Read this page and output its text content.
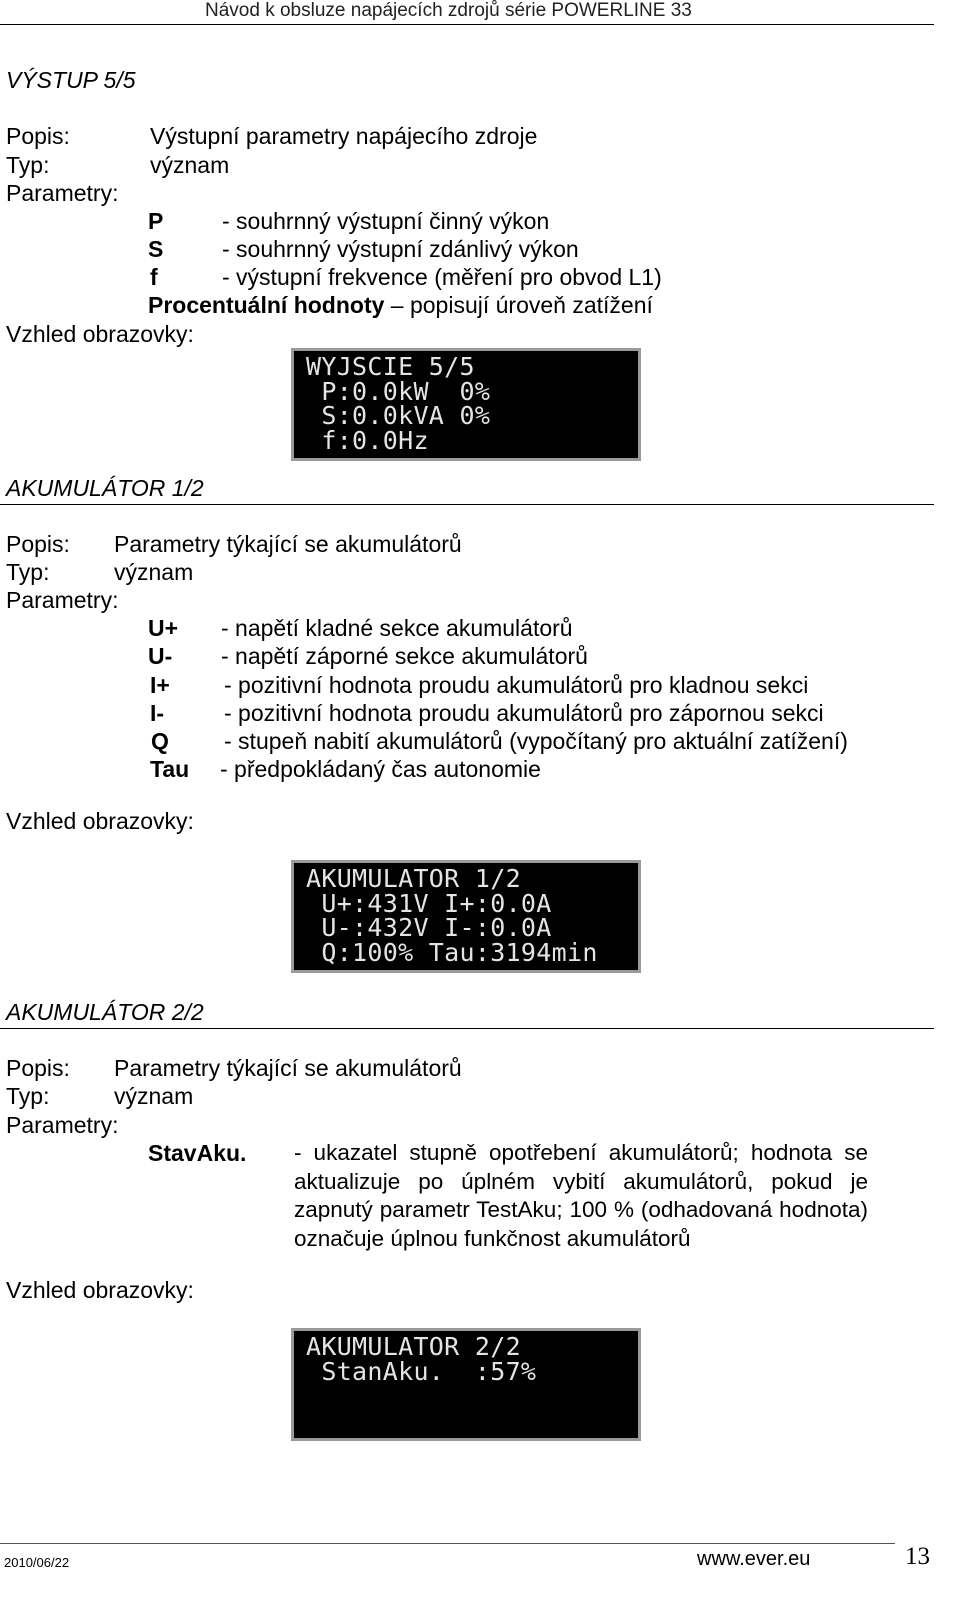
Návod k obsluze napájecích zdrojů série POWERLINE 33
VÝSTUP 5/5
Popis:	Výstupní parametry napájecího zdroje
Typ:	význam
Parametry:
P	- souhrnný výstupní činný výkon
S	- souhrnný výstupní zdánlivý výkon
f	- výstupní frekvence (měření pro obvod L1)
Procentuální hodnoty – popisují úroveň zatížení
Vzhled obrazovky:
WYJSCIE 5/5
P:0.0kW  0%
S:0.0kVA 0%
f:0.0Hz
AKUMULÁTOR 1/2
Popis: Parametry týkající se akumulátorů
Typ:	význam
Parametry:
U+ - napětí kladné sekce akumulátorů
U- - napětí záporné sekce akumulátorů
I+ - pozitivní hodnota proudu akumulátorů pro kladnou sekci
I-	- pozitivní hodnota proudu akumulátorů pro zápornou sekci
Q - stupeň nabití akumulátorů (vypočítaný pro aktuální zatížení)
Tau - předpokládaný čas autonomie
Vzhled obrazovky:
AKUMULATOR 1/2
U+:431V I+:0.0A
U-:432V I-:0.0A
Q:100% Tau:3194min
AKUMULÁTOR 2/2
Popis: Parametry týkající se akumulátorů
Typ:	význam
Parametry:
StavAku. - ukazatel stupně opotřebení akumulátorů; hodnota se aktualizuje po úplném vybití akumulátorů, pokud je zapnutý parametr TestAku; 100 % (odhadovaná hodnota) označuje úplnou funkčnost akumulátorů
Vzhled obrazovky:
AKUMULATOR 2/2
StanAku.  :57%
2010/06/22	www.ever.eu	13
